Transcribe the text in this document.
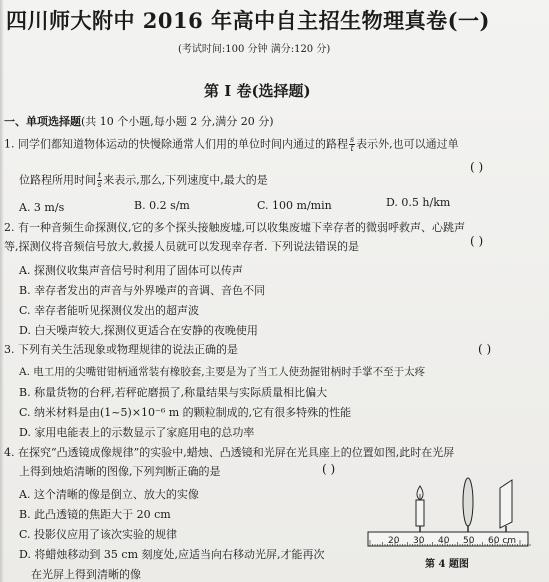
四川师大附中 2016 年高中自主招生物理真卷(一)
(考试时间:100 分钟 满分:120 分)
第 I 卷(选择题)
一、单项选择题(共 10 个小题,每小题 2 分,满分 20 分)
1. 同学们都知道物体运动的快慢除通常人们用的单位时间内通过的路程 $\frac{s}{t}$ 表示外,也可以通过单
位路程所用时间 $\frac{t}{s}$ 来表示,那么,下列速度中,最大的是
( )
A. 3 m/s	B. 0.2 s/m	C. 100 m/min	D. 0.5 h/km
2. 有一种音频生命探测仪,它的多个探头接触废墟,可以收集废墟下幸存者的微弱呼救声、心跳声
等,探测仪将音频信号放大,救援人员就可以发现幸存者. 下列说法错误的是	( )
A. 探测仪收集声音信号时利用了固体可以传声
B. 幸存者发出的声音与外界噪声的音调、音色不同
C. 幸存者能听见探测仪发出的超声波
D. 白天噪声较大,探测仪更适合在安静的夜晚使用
3. 下列有关生活现象或物理规律的说法正确的是	( )
A. 电工用的尖嘴钳钳柄通常装有橡胶套,主要是为了当工人使劲握钳柄时手掌不至于太疼
B. 称量货物的台秤,若秤砣磨损了,称量结果与实际质量相比偏大
C. 纳米材料是由(1~5)×10⁻⁶ m 的颗粒制成的,它有很多特殊的性能
D. 家用电能表上的示数显示了家庭用电的总功率
4. 在探究“凸透镜成像规律”的实验中,蜡烛、凸透镜和光屏在光具座上的位置如图,此时在光屏
上得到烛焰清晰的图像,下列判断正确的是	( )
A. 这个清晰的像是倒立、放大的实像
B. 此凸透镜的焦距大于 20 cm
C. 投影仪应用了该次实验的规律
D. 将蜡烛移动到 35 cm 刻度处,应适当向右移动光屏,才能再次
在光屏上得到清晰的像
20 30 40 50 60 cm
第 4 题图
